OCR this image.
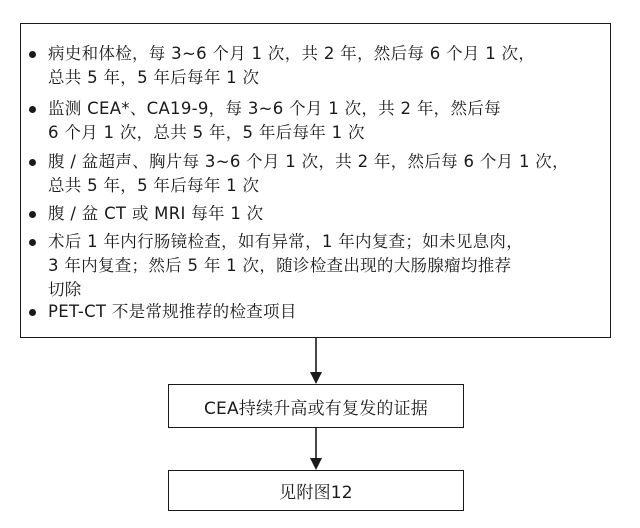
病史和体检，每 3~6 个月 1 次，共 2 年，然后每 6 个月 1 次，
总共 5 年，5 年后每年 1 次
监测 CEA*、CA19-9，每 3~6 个月 1 次，共 2 年，然后每
6 个月 1 次，总共 5 年，5 年后每年 1 次
腹 / 盆超声、胸片每 3~6 个月 1 次，共 2 年，然后每 6 个月 1 次，
总共 5 年，5 年后每年 1 次
腹 / 盆 CT 或 MRI 每年 1 次
术后 1 年内行肠镜检查，如有异常，1 年内复查；如未见息肉，
3 年内复查；然后 5 年 1 次，随诊检查出现的大肠腺瘤均推荐
切除
PET-CT 不是常规推荐的检查项目
CEA持续升高或有复发的证据
见附图12
